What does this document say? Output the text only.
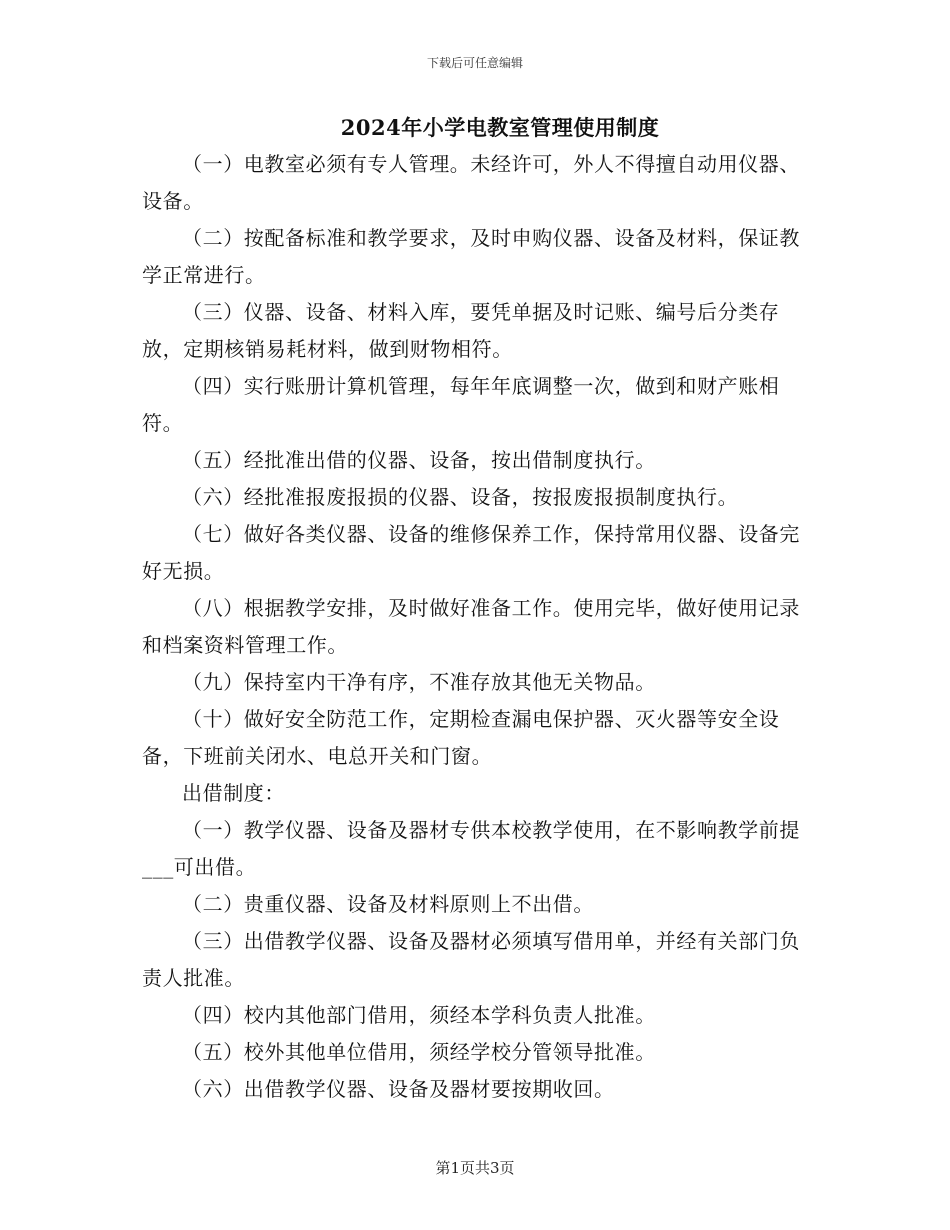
下载后可任意编辑
2024年小学电教室管理使用制度

（一）电教室必须有专人管理。未经许可，外人不得擅自动用仪器、设备。

（二）按配备标准和教学要求，及时申购仪器、设备及材料，保证教学正常进行。

（三）仪器、设备、材料入库，要凭单据及时记账、编号后分类存放，定期核销易耗材料，做到财物相符。

（四）实行账册计算机管理，每年年底调整一次，做到和财产账相符。

（五）经批准出借的仪器、设备，按出借制度执行。

（六）经批准报废报损的仪器、设备，按报废报损制度执行。

（七）做好各类仪器、设备的维修保养工作，保持常用仪器、设备完好无损。

（八）根据教学安排，及时做好准备工作。使用完毕，做好使用记录和档案资料管理工作。

（九）保持室内干净有序，不准存放其他无关物品。

（十）做好安全防范工作，定期检查漏电保护器、灭火器等安全设备，下班前关闭水、电总开关和门窗。

出借制度：

（一）教学仪器、设备及器材专供本校教学使用，在不影响教学前提___可出借。

（二）贵重仪器、设备及材料原则上不出借。

（三）出借教学仪器、设备及器材必须填写借用单，并经有关部门负责人批准。

（四）校内其他部门借用，须经本学科负责人批准。

（五）校外其他单位借用，须经学校分管领导批准。

（六）出借教学仪器、设备及器材要按期收回。

第1页共3页
